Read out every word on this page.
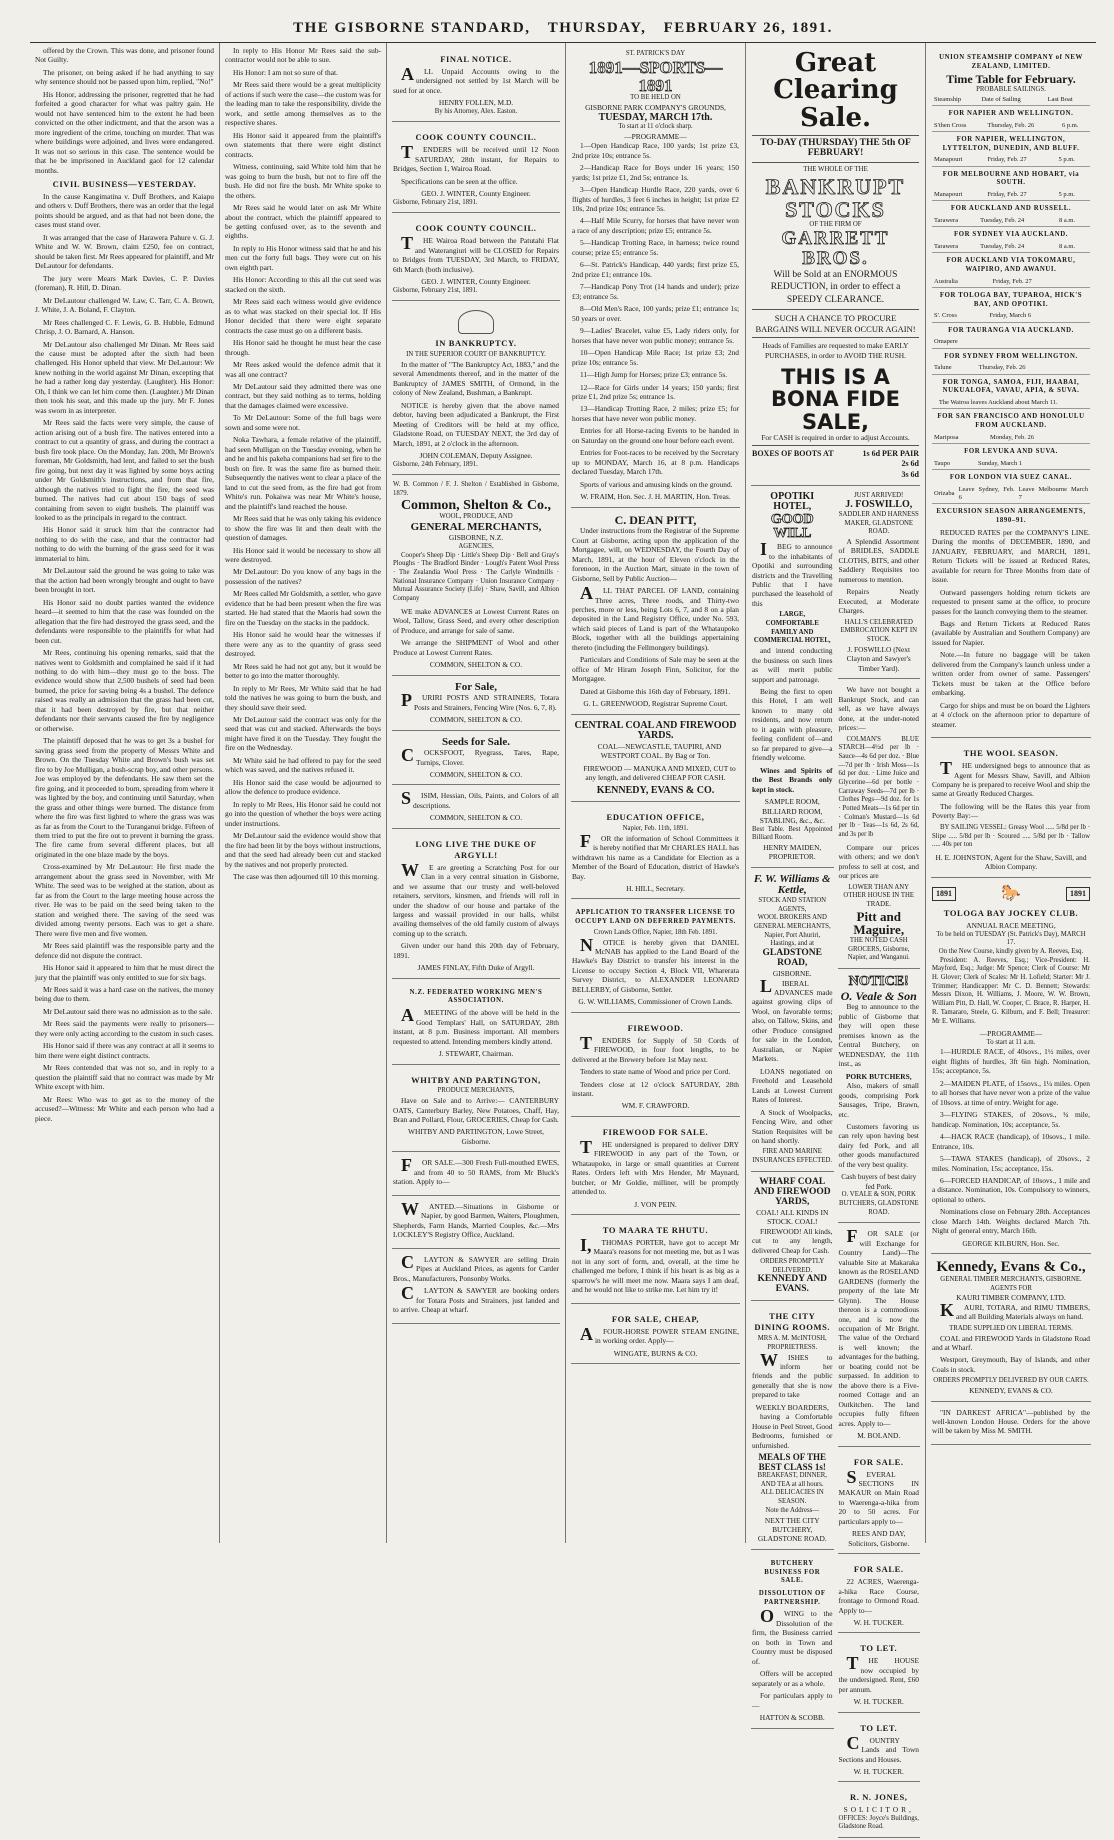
THE GISBORNE STANDARD, THURSDAY, FEBRUARY 26, 1891.

offered by the Crown. This was done, and prisoner found Not Guilty.

The prisoner, on being asked if he had anything to say why sentence should not be passed upon him, replied, "No!"

His Honor, addressing the prisoner, regretted that he had forfeited a good character for what was paltry gain. He would not have sentenced him to the extent he had been convicted on the other indictment, and that the arson was a more ingredient of the crime, touching on murder. That was where buildings were adjoined, and lives were endangered. It was not so serious in this case. The sentence would be that he be imprisoned in Auckland gaol for 12 calendar months.

CIVIL BUSINESS—YESTERDAY.

In the cause Kangimatina v. Duff Brothers, and Kaiapu and others v. Duff Brothers, there was an order that the legal points should be argued, and as that had not been done, the cases must stand over.

It was arranged that the case of Harawera Pahure v. G. J. White and W. W. Brown, claim £250, fee on contract, should be taken first. Mr Rees appeared for plaintiff, and Mr DeLautour for defendants.

The jury were Mears Mark Davies, C. P. Davies (foreman), R. Hill, D. Dinan.

Mr DeLautour challenged W. Law, C. Tarr, C. A. Brown, J. White, J. A. Boland, F. Clayton.

Mr Rees challenged C. F. Lewis, G. B. Hubble, Edmund Chrisp, J. O. Barnard, A. Hanson.

Mr DeLautour also challenged Mr Dinan. Mr Rees said the cause must be adopted after the sixth had been challenged. His Honor upheld that view. Mr DeLautour: We knew nothing in the world against Mr Dinan, excepting that he had a rather long day yesterday. (Laughter). His Honor: Oh, I think we can let him come then. (Laughter.) Mr Dinan then took his seat, and this made up the jury. Mr F. Jones was sworn in as interpreter.

Mr Rees said the facts were very simple, the cause of action arising out of a bush fire. The natives entered into a contract to cut a quantity of grass, and during the contract a bush fire took place. On the Monday, Jan. 20th, Mr Brown's foreman, Mr Goldsmith, had lent, and failed to set the bush fire going, but next day it was lighted by some boys acting under Mr Goldsmith's instructions, and from that fire, although the natives tried to fight the fire, the seed was burned. The natives had cut about 150 bags of seed containing from seven to eight bushels. The plaintiff was looked to as the principals in regard to the contract.

His Honor said it struck him that the contractor had nothing to do with the case, and that the contractor had nothing to do with the burning of the grass seed for it was immaterial to him.

Mr DeLautour said the ground he was going to take was that the action had been wrongly brought and ought to have been brought in tort.

His Honor said no doubt parties wanted the evidence heard—it seemed to him that the case was founded on the allegation that the fire had destroyed the grass seed, and the defendants were responsible to the plaintiffs for what had been cut.

Mr Rees, continuing his opening remarks, said that the natives went to Goldsmith and complained he said if it had nothing to do with him—they must go to the boss. The evidence would show that 2,500 bushels of seed had been burned, the price for saving being 4s a bushel. The defence raised was really an admission that the grass had been cut, that it had been destroyed by fire, but that neither defendants nor their servants caused the fire by negligence or otherwise.

The plaintiff deposed that he was to get 3s a bushel for saving grass seed from the property of Messrs White and Brown. On the Tuesday White and Brown's bush was set fire to by Joe Mulligan, a bush-scrap boy, and other persons. Joe was employed by the defendants. He saw them set the fire going, and it proceeded to burn, spreading from where it was lighted by the boy, and continuing until Saturday, when the grass and other things were burned. The distance from where the fire was first lighted to where the grass was was as far as from the Court to the Turanganui bridge. Fifteen of them tried to put the fire out to prevent it burning the grass. The fire came from several different places, but all originated in the one blaze made by the boys.

Cross-examined by Mr DeLautour: He first made the arrangement about the grass seed in November, with Mr White. The seed was to be weighed at the station, about as far as from the Court to the large meeting house across the river. He was to be paid on the seed being taken to the station and weighed there. The saving of the seed was divided among twenty persons. Each was to get a share. There were five men and five women.

Mr Rees said plaintiff was the responsible party and the defence did not dispute the contract.

His Honor said it appeared to him that he must direct the jury that the plaintiff was only entitled to sue for six bags.

Mr Rees said it was a hard case on the natives, the money being due to them.

Mr DeLautour said there was no admission as to the sale.

Mr Rees said the payments were really to prisoners—they were only acting according to the custom in such cases.

His Honor said if there was any contract at all it seems to him there were eight distinct contracts.

Mr Rees contended that was not so, and in reply to a question the plaintiff said that no contract was made by Mr White except with him.

Mr Rees: Who was to get as to the money of the accused?—Witness: Mr White and each person who had a piece.

In reply to His Honor Mr Rees said the sub-contractor would not be able to sue.

His Honor: I am not so sure of that.

Mr Rees said there would be a great multiplicity of actions if such were the case—the custom was for the leading man to take the responsibility, divide the work, and settle among themselves as to the respective shares.

His Honor said it appeared from the plaintiff's own statements that there were eight distinct contracts.

Witness, continuing, said White told him that he was going to burn the bush, but not to fire off the bush. He did not fire the bush. Mr White spoke to the others.

Mr Rees said he would later on ask Mr White about the contract, which the plaintiff appeared to be getting confused over, as to the seventh and eighths.

In reply to His Honor witness said that he and his men cut the forty full bags. They were cut on his own eighth part.

His Honor: According to this all the cut seed was stacked on the sixth.

Mr Rees said each witness would give evidence as to what was stacked on their special lot. If His Honor decided that there were eight separate contracts the case must go on a different basis.

His Honor said he thought he must hear the case through.

Mr Rees asked would the defence admit that it was all one contract?

Mr DeLautour said they admitted there was one contract, but they said nothing as to terms, holding that the damages claimed were excessive.

To Mr DeLautour: Some of the full bags were sown and some were not.

Noka Tawhara, a female relative of the plaintiff, had seen Mulligan on the Tuesday evening, when he and he and his pakeha companions had set fire to the bush on fire. It was the same fire as burned their. Subsequently the natives went to clear a place of the land to cut the seed from, as the fire had got from White's run. Pokaiwa was near Mr White's house, and the plaintiff's land reached the house.

Mr Rees said that he was only taking his evidence to show the fire was lit and then dealt with the question of damages.

His Honor said it would be necessary to show all were destroyed.

Mr DeLautour: Do you know of any bags in the possession of the natives?

Mr Rees called Mr Goldsmith, a settler, who gave evidence that he had been present when the fire was started. He had stated that the Maoris had sown the fire on the Tuesday on the stacks in the paddock.

His Honor said he would hear the witnesses if there were any as to the quantity of grass seed destroyed.

Mr Rees said he had not got any, but it would be better to go into the matter thoroughly.

In reply to Mr Rees, Mr White said that he had told the natives he was going to burn the bush, and they should save their seed.

Mr DeLautour said the contract was only for the seed that was cut and stacked. Afterwards the boys might have fired it on the Tuesday. They fought the fire on the Wednesday.

Mr White said he had offered to pay for the seed which was saved, and the natives refused it.

His Honor said the case would be adjourned to allow the defence to produce evidence.

In reply to Mr Rees, His Honor said he could not go into the question of whether the boys were acting under instructions.

Mr DeLautour said the evidence would show that the fire had been lit by the boys without instructions, and that the seed had already been cut and stacked by the natives and not properly protected.

The case was then adjourned till 10 this morning.

FINAL NOTICE.

ALL Unpaid Accounts owing to the undersigned not settled by 1st March will be sued for at once.

HENRY FOLLEN, M.D.
By his Attorney, Alex. Easton.
COOK COUNTY COUNCIL.

TENDERS will be received until 12 Noon SATURDAY, 28th instant, for Repairs to Bridges, Section 1, Wairoa Road.

Specifications can be seen at the office.

GEO. J. WINTER, County Engineer.
Gisborne, February 21st, 1891.
COOK COUNTY COUNCIL.

THE Wairoa Road between the Patutahi Flat and Waterangiuri will be CLOSED for Repairs to Bridges from TUESDAY, 3rd March, to FRIDAY, 6th March (both inclusive).

GEO. J. WINTER, County Engineer.
Gisborne, February 21st, 1891.
IN BANKRUPTCY.
IN THE SUPERIOR COURT OF BANKRUPTCY.

In the matter of "The Bankruptcy Act, 1883," and the several Amendments thereof, and in the matter of the Bankruptcy of JAMES SMITH, of Ormond, in the colony of New Zealand, Bushman, a Bankrupt.

NOTICE is hereby given that the above named debtor, having been adjudicated a Bankrupt, the First Meeting of Creditors will be held at my office, Gladstone Road, on TUESDAY NEXT, the 3rd day of March, 1891, at 2 o'clock in the afternoon.

JOHN COLEMAN, Deputy Assignee.
Gisborne, 24th February, 1891.
W. B. Common / F. J. Shelton / Established in Gisborne, 1879.
Common, Shelton & Co.,
WOOL, PRODUCE, AND
GENERAL MERCHANTS,
GISBORNE, N.Z.
AGENCIES,

Cooper's Sheep Dip · Little's Sheep Dip · Bell and Gray's Ploughs · The Bradford Binder · Lough's Patent Wool Press · The Zealandia Wool Press · The Carlyle Windmills · National Insurance Company · Union Insurance Company · Mutual Assurance Society (Life) · Shaw, Savill, and Albion Company

WE make ADVANCES at Lowest Current Rates on Wool, Tallow, Grass Seed, and every other description of Produce, and arrange for sale of same.

We arrange the SHIPMENT of Wool and other Produce at Lowest Current Rates.

COMMON, SHELTON & CO.
For Sale,

PURIRI POSTS AND STRAINERS, Totara Posts and Strainers, Fencing Wire (Nos. 6, 7, 8).

COMMON, SHELTON & CO.
Seeds for Sale.

COCKSFOOT, Ryegrass, Tares, Rape, Turnips, Clover.

COMMON, SHELTON & CO.

SISIM, Hessian, Oils, Paints, and Colors of all descriptions.

COMMON, SHELTON & CO.
LONG LIVE THE DUKE OF ARGYLL!

WE are greeting a Scratching Post for our Clan in a very central situation in Gisborne, and we assume that our trusty and well-beloved retainers, servitors, kinsmen, and friends will roll in under the shadow of our house and partake of the largess and wassail provided in our halls, whilst availing themselves of the old family custom of always coming up to the scratch.

Given under our hand this 20th day of February, 1891.

JAMES FINLAY, Fifth Duke of Argyll.
N.Z. FEDERATED WORKING MEN'S ASSOCIATION.

AMEETING of the above will be held in the Good Templars' Hall, on SATURDAY, 28th instant, at 8 p.m. Business important. All members requested to attend. Intending members kindly attend.

J. STEWART, Chairman.
WHITBY AND PARTINGTON,
PRODUCE MERCHANTS,

Have on Sale and to Arrive:— CANTERBURY OATS, Canterbury Barley, New Potatoes, Chaff, Hay, Bran and Pollard, Flour, GROCERIES, Cheap for Cash.

WHITBY AND PARTINGTON, Lowe Street, Gisborne.

FOR SALE.—300 Fresh Full-mouthed EWES, and from 40 to 50 RAMS, from Mr Bluck's station. Apply to—

WANTED.—Situations in Gisborne or Napier, by good Barmen, Waiters, Ploughmen, Shepherds, Farm Hands, Married Couples, &c.—Mrs LOCKLEY'S Registry Office, Auckland.

CLAYTON & SAWYER are selling Drain Pipes at Auckland Prices, as agents for Carder Bros., Manufacturers, Ponsonby Works.

CLAYTON & SAWYER are booking orders for Totara Posts and Strainers, just landed and to arrive. Cheap at wharf.

ST. PATRICK'S DAY
1891—SPORTS—1891
TO BE HELD ON
GISBORNE PARK COMPANY'S GROUNDS,
TUESDAY, MARCH 17th.
To start at 11 o'clock sharp.
—PROGRAMME—

1—Open Handicap Race, 100 yards; 1st prize £3, 2nd prize 10s; entrance 5s.

2—Handicap Race for Boys under 16 years; 150 yards; 1st prize £1, 2nd 5s; entrance 1s.

3—Open Handicap Hurdle Race, 220 yards, over 6 flights of hurdles, 3 feet 6 inches in height; 1st prize £2 10s, 2nd prize 10s; entrance 5s.

4—Half Mile Scurry, for horses that have never won a race of any description; prize £5; entrance 5s.

5—Handicap Trotting Race, in harness; twice round course; prize £5; entrance 5s.

6—St. Patrick's Handicap, 440 yards; first prize £5, 2nd prize £1; entrance 10s.

7—Handicap Pony Trot (14 hands and under); prize £3; entrance 5s.

8—Old Men's Race, 100 yards; prize £1; entrance 1s; 50 years or over.

9—Ladies' Bracelet, value £5, Lady riders only, for horses that have never won public money; entrance 5s.

10—Open Handicap Mile Race; 1st prize £3; 2nd prize 10s; entrance 5s.

11—High Jump for Horses; prize £3; entrance 5s.

12—Race for Girls under 14 years; 150 yards; first prize £1, 2nd prize 5s; entrance 1s.

13—Handicap Trotting Race, 2 miles; prize £5; for horses that have never won public money.

Entries for all Horse-racing Events to be handed in on Saturday on the ground one hour before each event.

Entries for Foot-races to be received by the Secretary up to MONDAY, March 16, at 8 p.m. Handicaps declared Tuesday, March 17th.

Sports of various and amusing kinds on the ground.

W. FRAIM, Hon. Sec. J. H. MARTIN, Hon. Treas.
C. DEAN PITT,

Under instructions from the Registrar of the Supreme Court at Gisborne, acting upon the application of the Mortgagee, will, on WEDNESDAY, the Fourth Day of March, 1891, at the hour of Eleven o'clock in the forenoon, in the Auction Mart, situate in the town of Gisborne, Sell by Public Auction—

ALL THAT PARCEL OF LAND, containing Three acres, Three roods, and Thirty-two perches, more or less, being Lots 6, 7, and 8 on a plan deposited in the Land Registry Office, under No. 593, which said pieces of Land is part of the Whataupoko Block, together with all the buildings appertaining thereto (including the Fellmongery buildings).

Particulars and Conditions of Sale may be seen at the office of Mr Hiram Joseph Finn, Solicitor, for the Mortgagee.

Dated at Gisborne this 16th day of February, 1891.

G. L. GREENWOOD, Registrar Supreme Court.
CENTRAL COAL AND FIREWOOD YARDS.

COAL—NEWCASTLE, TAUPIRI, AND WESTPORT COAL. By Bag or Ton.

FIREWOOD — MANUKA AND MIXED, CUT to any length, and delivered CHEAP FOR CASH.

KENNEDY, EVANS & CO.
EDUCATION OFFICE,
Napier, Feb. 11th, 1891.

FOR the information of School Committees it is hereby notified that Mr CHARLES HALL has withdrawn his name as a Candidate for Election as a Member of the Board of Education, district of Hawke's Bay.

H. HILL, Secretary.
APPLICATION TO TRANSFER LICENSE TO OCCUPY LAND ON DEFERRED PAYMENTS.
Crown Lands Office, Napier, 18th Feb. 1891.

NOTICE is hereby given that DANIEL McNAB has applied to the Land Board of the Hawke's Bay District to transfer his interest in the License to occupy Section 4, Block VII, Wharerata Survey District, to ALEXANDER LEONARD BELLERBY, of Gisborne, Settler.

G. W. WILLIAMS, Commissioner of Crown Lands.
FIREWOOD.

TENDERS for Supply of 50 Cords of FIREWOOD, in four foot lengths, to be delivered at the Brewery before 1st May next.

Tenders to state name of Wood and price per Cord.

Tenders close at 12 o'clock SATURDAY, 28th instant.

WM. F. CRAWFORD.
FIREWOOD FOR SALE.

THE undersigned is prepared to deliver DRY FIREWOOD in any part of the Town, or Whataupoko, in large or small quantities at Current Rates. Orders left with Mrs Hender, Mr Maynard, butcher, or Mr Goldie, milliner, will be promptly attended to.

J. VON PEIN.
TO MAARA TE RHUTU.

I,THOMAS PORTER, have got to accept Mr Maara's reasons for not meeting me, but as I was not in any sort of form, and, overall, at the time he challenged me before, I think if his heart is as big as a sparrow's he will meet me now. Maara says I am deaf, and he would not like to strike me. Let him try it!

FOR SALE, CHEAP,

AFOUR-HORSE POWER STEAM ENGINE, in working order. Apply—

WINGATE, BURNS & CO.
Great Clearing Sale.
TO-DAY (THURSDAY) THE 5th OF FEBRUARY!
THE WHOLE OF THE
BANKRUPT STOCKS
OF THE FIRM OF
GARRETT BROS.
Will be Sold at an ENORMOUS REDUCTION, in order to effect a SPEEDY CLEARANCE.
SUCH A CHANCE TO PROCURE BARGAINS WILL NEVER OCCUR AGAIN!
Heads of Families are requested to make EARLY PURCHASES, in order to AVOID THE RUSH.
THIS IS A BONA FIDE SALE,
For CASH is required in order to adjust Accounts.
BOXES OF BOOTS AT	1s 6d PER PAIR
2s 6d
3s 6d
OPOTIKI HOTEL,
GOOD WILL

IBEG to announce to the inhabitants of Opotiki and surrounding districts and the Travelling Public that I have purchased the leasehold of this

LARGE, COMFORTABLE FAMILY AND COMMERCIAL HOTEL,

and intend conducting the business on such lines as will merit public support and patronage.

Being the first to open this Hotel, I am well known to many old residents, and now return to it again with pleasure, feeling confident of—and so far prepared to give—a friendly welcome.

Wines and Spirits of the Best Brands only kept in stock.

SAMPLE ROOM,
BILLIARD ROOM,
STABLING, &c., &c.
Best Table. Best Appointed Billiard Room.
HENRY MAIDEN, PROPRIETOR.
F. W. Williams & Kettle,
STOCK AND STATION AGENTS,
WOOL BROKERS AND GENERAL MERCHANTS,
Napier, Port Ahuriri, Hastings, and at
GLADSTONE ROAD,
GISBORNE.

LIBERAL ADVANCES made against growing clips of Wool, on favorable terms; also, on Tallow, Skins, and other Produce consigned for sale in the London, Australian, or Napier Markets.

LOANS negotiated on Freehold and Leasehold Lands at Lowest Current Rates of Interest.

A Stock of Woolpacks, Fencing Wire, and other Station Requisites will be on hand shortly.

FIRE AND MARINE INSURANCES EFFECTED.
WHARF COAL AND FIREWOOD YARDS,
COAL! ALL KINDS IN STOCK. COAL!

FIREWOOD! All kinds, cut to any length, delivered Cheap for Cash.

ORDERS PROMPTLY DELIVERED.
KENNEDY AND EVANS.
THE CITY DINING ROOMS.
MRS A. M. McINTOSH, PROPRIETRESS.

WISHES to inform her friends and the public generally that she is now prepared to take

WEEKLY BOARDERS,

having a Comfortable House in Peel Street, Good Bedrooms, furnished or unfurnished.

MEALS OF THE BEST CLASS 1s!
BREAKFAST, DINNER, AND TEA at all hours.
ALL DELICACIES IN SEASON.
Note the Address—
NEXT THE CITY BUTCHERY, GLADSTONE ROAD.
BUTCHERY BUSINESS FOR SALE.
DISSOLUTION OF PARTNERSHIP.

OWING to the Dissolution of the firm, the Business carried on both in Town and Country must be disposed of.

Offers will be accepted separately or as a whole.

For particulars apply to—

HATTON & SCOBB.
JUST ARRIVED!
J. FOSWILLO,
SADDLER AND HARNESS MAKER, GLADSTONE ROAD.

A Splendid Assortment of BRIDLES, SADDLE CLOTHS, BITS, and other Saddlery Requisites too numerous to mention.

Repairs Neatly Executed, at Moderate Charges.

HALL'S CELEBRATED EMBROCATION KEPT IN STOCK.
J. FOSWILLO (Next Clayton and Sawyer's Timber Yard).

We have not bought a Bankrupt Stock, and can sell, as we have always done, at the under-noted prices:—

COLMAN'S BLUE STARCH—4½d per lb · Sauce—4s 6d per doz. · Blue—7d per lb · Irish Moss—1s 6d per doz. · Lime Juice and Glycerine—6d per bottle · Carraway Seeds—7d per lb · Clothes Pegs—9d doz. for 1s · Potted Meats—1s 6d per tin · Colman's Mustard—1s 6d per lb · Teas—1s 6d, 2s 6d, and 3s per lb

Compare our prices with others; and we don't profess to sell at cost, and our prices are

LOWER THAN ANY OTHER HOUSE IN THE TRADE.
Pitt and Maguire,
THE NOTED CASH GROCERS, Gisborne, Napier, and Wanganui.
NOTICE!
O. Veale & Son

Beg to announce to the public of Gisborne that they will open these premises known as the Central Butchery, on WEDNESDAY, the 11th inst., as

PORK BUTCHERS,

Also, makers of small goods, comprising Pork Sausages, Tripe, Brawn, etc.

Customers favoring us can rely upon having best dairy fed Pork, and all other goods manufactured of the very best quality.

Cash buyers of best dairy fed Pork.
O. VEALE & SON, PORK BUTCHERS, GLADSTONE ROAD.

FOR SALE (or will Exchange for Country Land)—The valuable Site at Makaraka known as the ROSELAND GARDENS (formerly the property of the late Mr Glynn). The House thereon is a commodious one, and is now the occupation of Mr Bright. The value of the Orchard is well known; the advantages for the bathing, or boating could not be surpassed. In addition to the above there is a Five-roomed Cottage and an Outkitchen. The land occupies fully fifteen acres. Apply to—

M. BOLAND.
FOR SALE.

SEVERAL SECTIONS IN MAKAUR on Main Road to Waerenga-a-hika from 20 to 50 acres. For particulars apply to—

REES AND DAY, Solicitors, Gisborne.
FOR SALE.

22 ACRES, Waerenga-a-hika Race Course, frontage to Ormond Road. Apply to—

W. H. TUCKER.
TO LET.

THE HOUSE now occupied by the undersigned. Rent, £60 per annum.

W. H. TUCKER.
TO LET.

COUNTRY Lands and Town Sections and Houses.

W. H. TUCKER.
R. N. JONES,
SOLICITOR,
OFFICES: Joyce's Buildings, Gladstone Road.
UNION STEAMSHIP COMPANY of NEW ZEALAND, LIMITED.
Time Table for February.
PROBABLE SAILINGS.
Steamship	Date of Sailing	Last Boat
FOR NAPIER AND WELLINGTON.
S'then Cross	Thursday, Feb. 26	6 p.m.
FOR NAPIER, WELLINGTON, LYTTELTON, DUNEDIN, AND BLUFF.
Manapouri	Friday, Feb. 27	5 p.m.
FOR MELBOURNE AND HOBART, via SOUTH.
Manapouri	Friday, Feb. 27	5 p.m.
FOR AUCKLAND AND RUSSELL.
Tarawera	Tuesday, Feb. 24	8 a.m.
FOR SYDNEY VIA AUCKLAND.
Tarawera	Tuesday, Feb. 24	8 a.m.
FOR AUCKLAND VIA TOKOMARU, WAIPIRO, AND AWANUI.
Australia	Friday, Feb. 27	
FOR TOLOGA BAY, TUPAROA, HICK'S BAY, AND OPOTIKI.
S'. Cross	Friday, March 6	
FOR TAURANGA VIA AUCKLAND.
Omapere		
FOR SYDNEY FROM WELLINGTON.
Talune	Thursday, Feb. 26	
FOR TONGA, SAMOA, FIJI, HAABAI, NUKUALOFA, VAVAU, APIA, & SUVA.
	The Wairoa leaves Auckland about March 11.	
FOR SAN FRANCISCO AND HONOLULU FROM AUCKLAND.
Mariposa	Monday, Feb. 26	
FOR LEVUKA AND SUVA.
Taupo	Sunday, March 1	
FOR LONDON VIA SUEZ CANAL.
Orizaba	Leave Sydney, Feb. 6	Leave Melbourne March 7
EXCURSION SEASON ARRANGEMENTS, 1890–91.

REDUCED RATES per the COMPANY'S LINE. During the months of DECEMBER, 1890, and JANUARY, FEBRUARY, and MARCH, 1891, Return Tickets will be issued at Reduced Rates, available for return for Three Months from date of issue.

Outward passengers holding return tickets are requested to present same at the office, to procure passes for the launch conveying them to the steamer.

Bags and Return Tickets at Reduced Rates (available by Australian and Southern Company) are issued for Napier.

Note.—In future no baggage will be taken delivered from the Company's launch unless under a written order from owner of same. Passengers' Tickets must be taken at the Office before embarking.

Cargo for ships and must be on board the Lighters at 4 o'clock on the afternoon prior to departure of steamer.

THE WOOL SEASON.

THE undersigned begs to announce that as Agent for Messrs Shaw, Savill, and Albion Company he is prepared to receive Wool and ship the same at Greatly Reduced Charges.

The following will be the Rates this year from Poverty Bay:—

BY SAILING VESSEL: Greasy Wool ..... 5/8d per lb · Slipe ..... 5/8d per lb · Scoured ..... 5/8d per lb · Tallow ..... 40s per ton

H. E. JOHNSTON, Agent for the Shaw, Savill, and Albion Company.
1891	🐎	1891
TOLOGA BAY JOCKEY CLUB.
ANNUAL RACE MEETING,
To be held on TUESDAY (St. Patrick's Day), MARCH 17.
On the New Course, kindly given by A. Reeves, Esq.

President: A. Reeves, Esq.; Vice-President: H. Mayford, Esq.; Judge: Mr Spence; Clerk of Course: Mr H. Glover; Clerk of Scales: Mr H. Lofield; Starter: Mr J. Trimmer; Handicapper: Mr C. D. Bennett; Stewards: Messrs Dixon, H. Williams, J. Moore, W. W. Brown, William Pitt, D. Hall, W. Cooper, C. Brace, R. Harper, H. R. Tamararo, Steele, G. Kilburn, and F. Bell; Treasurer: Mr E. Williams.

—PROGRAMME—
To start at 11 a.m.

1—HURDLE RACE, of 40sovs., 1½ miles, over eight flights of hurdles, 3ft 6in high. Nomination, 15s; acceptance, 5s.

2—MAIDEN PLATE, of 15sovs., 1¼ miles. Open to all horses that have never won a prize of the value of 10sovs. at time of entry. Weight for age.

3—FLYING STAKES, of 20sovs., ¾ mile, handicap. Nomination, 10s; acceptance, 5s.

4—HACK RACE (handicap), of 10sovs., 1 mile. Entrance, 10s.

5—TAWA STAKES (handicap), of 20sovs., 2 miles. Nomination, 15s; acceptance, 15s.

6—FORCED HANDICAP, of 10sovs., 1 mile and a distance. Nomination, 10s. Compulsory to winners, optional to others.

Nominations close on February 28th. Acceptances close March 14th. Weights declared March 7th. Night of general entry, March 16th.

GEORGE KILBURN, Hon. Sec.
Kennedy, Evans & Co.,
GENERAL TIMBER MERCHANTS, GISBORNE.
AGENTS FOR
KAURI TIMBER COMPANY, LTD.

KAURI, TOTARA, and RIMU TIMBERS, and all Building Materials always on hand.

TRADE SUPPLIED ON LIBERAL TERMS.

COAL and FIREWOOD Yards in Gladstone Road and at Wharf.

Westport, Greymouth, Bay of Islands, and other Coals in stock.

ORDERS PROMPTLY DELIVERED BY OUR CARTS.
KENNEDY, EVANS & CO.

"IN DARKEST AFRICA"—published by the well-known London House. Orders for the above will be taken by Miss M. SMITH.
